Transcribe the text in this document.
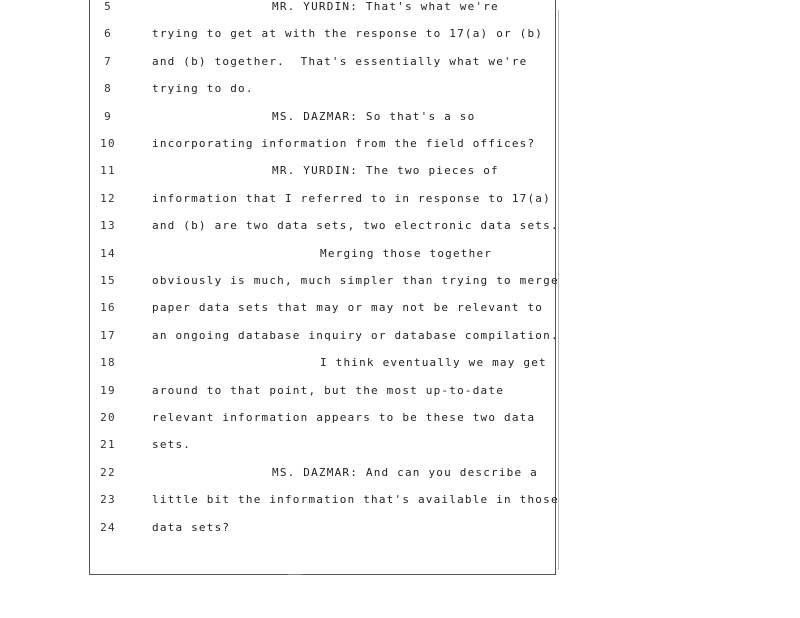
5	MR. YURDIN: That's what we're
6	trying to get at with the response to 17(a) or (b)
7	and (b) together.  That's essentially what we're
8	trying to do.
9	MS. DAZMAR: So that's a so
10	incorporating information from the field offices?
11	MR. YURDIN: The two pieces of
12	information that I referred to in response to 17(a)
13	and (b) are two data sets, two electronic data sets.
14	Merging those together
15	obviously is much, much simpler than trying to merge
16	paper data sets that may or may not be relevant to
17	an ongoing database inquiry or database compilation.
18	I think eventually we may get
19	around to that point, but the most up-to-date
20	relevant information appears to be these two data
21	sets.
22	MS. DAZMAR: And can you describe a
23	little bit the information that's available in those
24	data sets?
